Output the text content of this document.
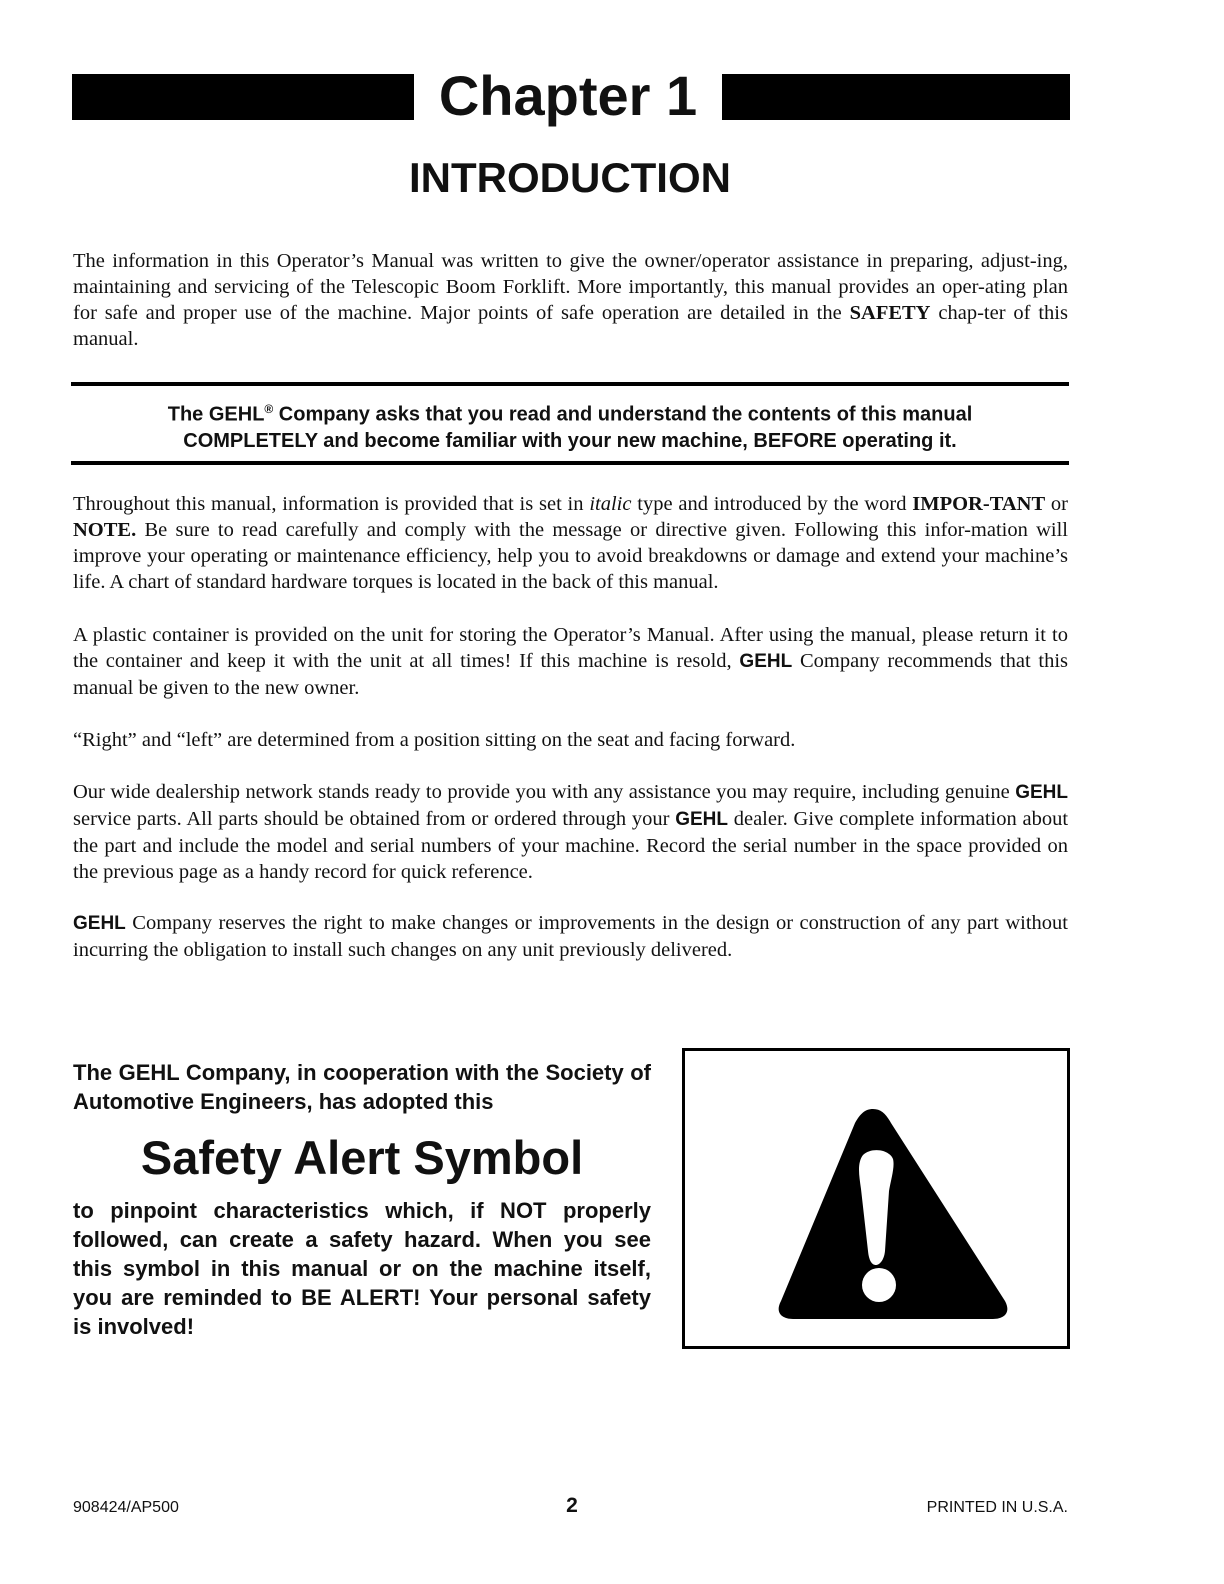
Chapter 1
INTRODUCTION

The information in this Operator’s Manual was written to give the owner/operator assistance in preparing, adjust-ing, maintaining and servicing of the Telescopic Boom Forklift. More importantly, this manual provides an oper-ating plan for safe and proper use of the machine. Major points of safe operation are detailed in the SAFETY chap-ter of this manual.

The GEHL® Company asks that you read and understand the contents of this manual
COMPLETELY and become familiar with your new machine, BEFORE operating it.

Throughout this manual, information is provided that is set in italic type and introduced by the word IMPOR-TANT or NOTE. Be sure to read carefully and comply with the message or directive given. Following this infor-mation will improve your operating or maintenance efficiency, help you to avoid breakdowns or damage and extend your machine’s life. A chart of standard hardware torques is located in the back of this manual.

A plastic container is provided on the unit for storing the Operator’s Manual. After using the manual, please return it to the container and keep it with the unit at all times! If this machine is resold, GEHL Company recommends that this manual be given to the new owner.

“Right” and “left” are determined from a position sitting on the seat and facing forward.

Our wide dealership network stands ready to provide you with any assistance you may require, including genuine GEHL service parts. All parts should be obtained from or ordered through your GEHL dealer. Give complete information about the part and include the model and serial numbers of your machine. Record the serial number in the space provided on the previous page as a handy record for quick reference.

GEHL Company reserves the right to make changes or improvements in the design or construction of any part without incurring the obligation to install such changes on any unit previously delivered.

The GEHL Company, in cooperation with the Society of Automotive Engineers, has adopted this

Safety Alert Symbol

to pinpoint characteristics which, if NOT properly followed, can create a safety hazard. When you see this symbol in this manual or on the machine itself, you are reminded to BE ALERT! Your personal safety is involved!

908424/AP500	2	PRINTED IN U.S.A.
